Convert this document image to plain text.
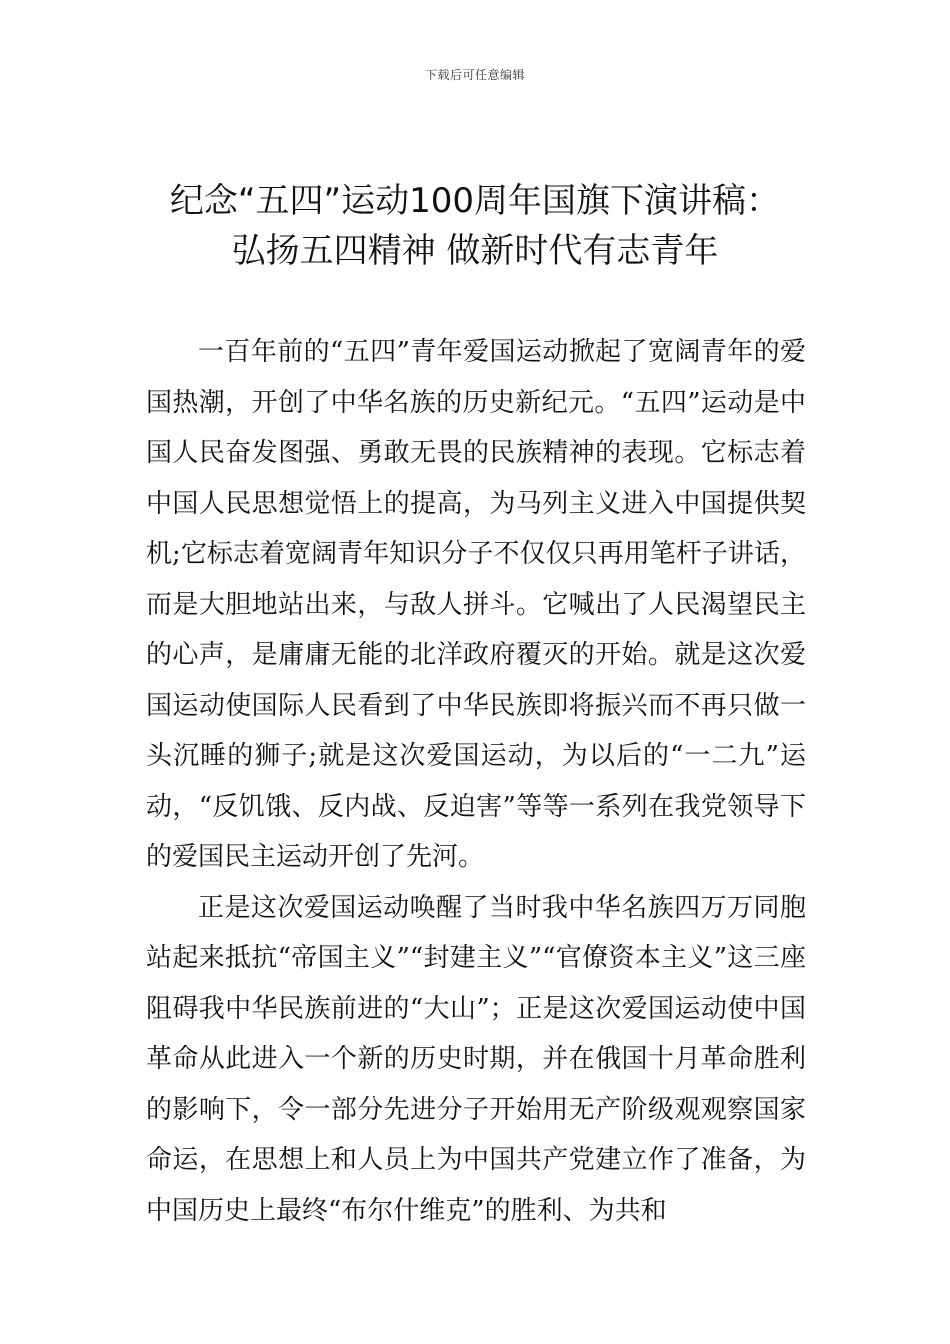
下载后可任意编辑
纪念“五四”运动100周年国旗下演讲稿：
弘扬五四精神 做新时代有志青年

一百年前的“五四”青年爱国运动掀起了宽阔青年的爱国热潮，开创了中华名族的历史新纪元。“五四”运动是中国人民奋发图强、勇敢无畏的民族精神的表现。它标志着中国人民思想觉悟上的提高，为马列主义进入中国提供契机;它标志着宽阔青年知识分子不仅仅只再用笔杆子讲话，而是大胆地站出来，与敌人拼斗。它喊出了人民渴望民主的心声，是庸庸无能的北洋政府覆灭的开始。就是这次爱国运动使国际人民看到了中华民族即将振兴而不再只做一头沉睡的狮子;就是这次爱国运动，为以后的“一二九”运动，“反饥饿、反内战、反迫害”等等一系列在我党领导下的爱国民主运动开创了先河。

正是这次爱国运动唤醒了当时我中华名族四万万同胞站起来抵抗“帝国主义”“封建主义”“官僚资本主义”这三座阻碍我中华民族前进的“大山”；正是这次爱国运动使中国革命从此进入一个新的历史时期，并在俄国十月革命胜利的影响下，令一部分先进分子开始用无产阶级观观察国家命运，在思想上和人员上为中国共产党建立作了准备，为中国历史上最终“布尔什维克”的胜利、为共和
